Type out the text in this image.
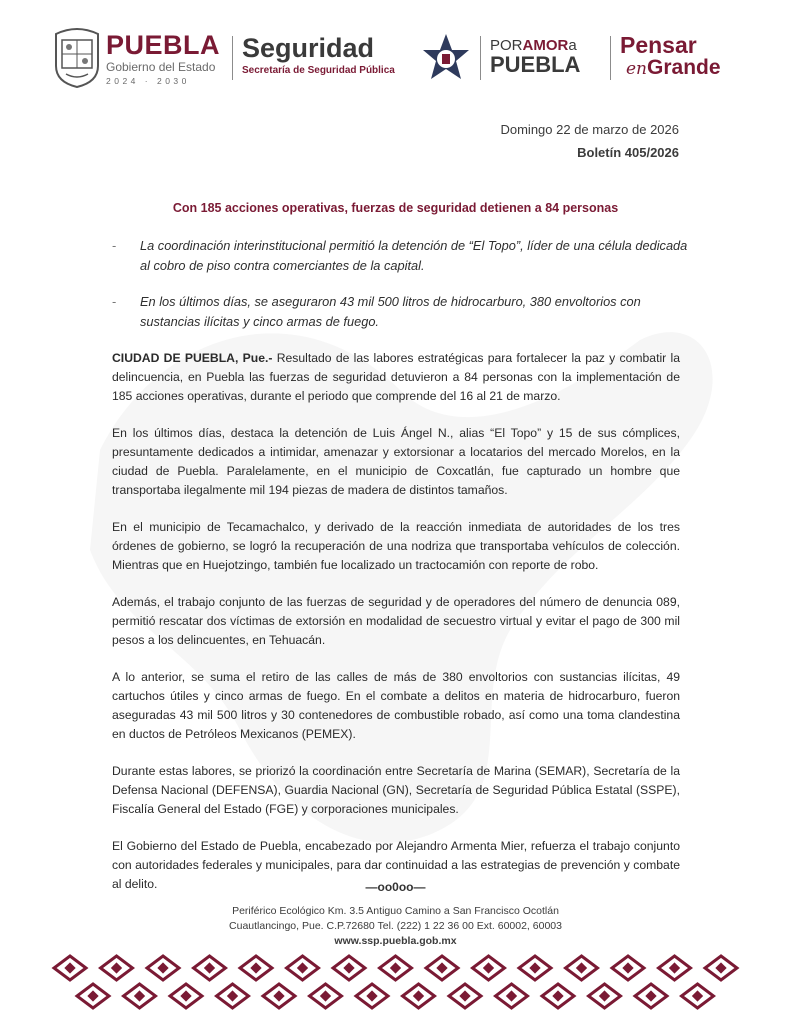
PUEBLA
Gobierno del Estado
2024 · 2030
Seguridad
Secretaría de Seguridad Pública
PORAMORa
PUEBLA
Pensar
enGrande
Domingo 22 de marzo de 2026
Boletín 405/2026
Con 185 acciones operativas, fuerzas de seguridad detienen a 84 personas
- La coordinación interinstitucional permitió la detención de “El Topo”, líder de una célula dedicada al cobro de piso contra comerciantes de la capital.
- En los últimos días, se aseguraron 43 mil 500 litros de hidrocarburo, 380 envoltorios con sustancias ilícitas y cinco armas de fuego.

CIUDAD DE PUEBLA, Pue.- Resultado de las labores estratégicas para fortalecer la paz y combatir la delincuencia, en Puebla las fuerzas de seguridad detuvieron a 84 personas con la implementación de 185 acciones operativas, durante el periodo que comprende del 16 al 21 de marzo.

En los últimos días, destaca la detención de Luis Ángel N., alias “El Topo” y 15 de sus cómplices, presuntamente dedicados a intimidar, amenazar y extorsionar a locatarios del mercado Morelos, en la ciudad de Puebla. Paralelamente, en el municipio de Coxcatlán, fue capturado un hombre que transportaba ilegalmente mil 194 piezas de madera de distintos tamaños.

En el municipio de Tecamachalco, y derivado de la reacción inmediata de autoridades de los tres órdenes de gobierno, se logró la recuperación de una nodriza que transportaba vehículos de colección. Mientras que en Huejotzingo, también fue localizado un tractocamión con reporte de robo.

Además, el trabajo conjunto de las fuerzas de seguridad y de operadores del número de denuncia 089, permitió rescatar dos víctimas de extorsión en modalidad de secuestro virtual y evitar el pago de 300 mil pesos a los delincuentes, en Tehuacán.

A lo anterior, se suma el retiro de las calles de más de 380 envoltorios con sustancias ilícitas, 49 cartuchos útiles y cinco armas de fuego. En el combate a delitos en materia de hidrocarburo, fueron aseguradas 43 mil 500 litros y 30 contenedores de combustible robado, así como una toma clandestina en ductos de Petróleos Mexicanos (PEMEX).

Durante estas labores, se priorizó la coordinación entre Secretaría de Marina (SEMAR), Secretaría de la Defensa Nacional (DEFENSA), Guardia Nacional (GN), Secretaría de Seguridad Pública Estatal (SSPE), Fiscalía General del Estado (FGE) y corporaciones municipales.

El Gobierno del Estado de Puebla, encabezado por Alejandro Armenta Mier, refuerza el trabajo conjunto con autoridades federales y municipales, para dar continuidad a las estrategias de prevención y combate al delito.	—oo0oo—
Periférico Ecológico Km. 3.5 Antiguo Camino a San Francisco Ocotlán
Cuautlancingo, Pue. C.P.72680 Tel. (222) 1 22 36 00 Ext. 60002, 60003
www.ssp.puebla.gob.mx
